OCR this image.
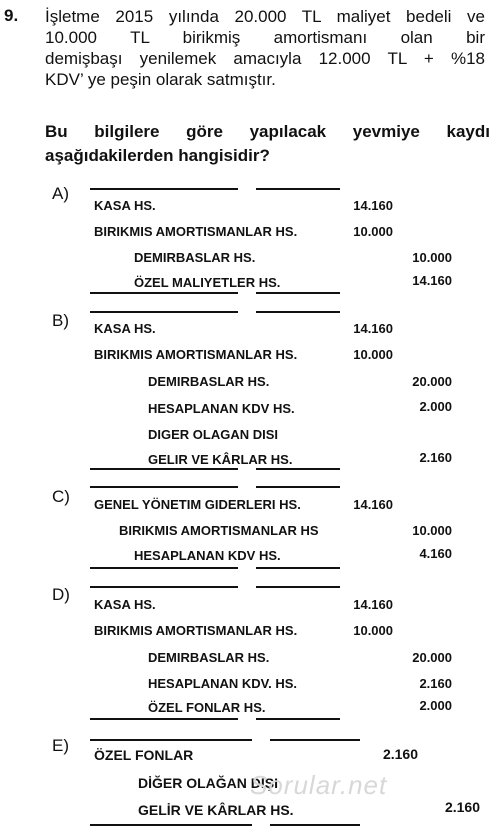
9. İşletme 2015 yılında 20.000 TL maliyet bedeli ve
10.000 TL birikmiş amortismanı olan bir
demişbaşı yenilemek amacıyla 12.000 TL + %18
KDV’ ye peşin olarak satmıştır.

Bu bilgilere göre yapılacak yevmiye kaydı
aşağıdakilerden hangisidir?

A)
KASA HS.
BIRIKMIS AMORTISMANLAR HS.
DEMIRBASLAR HS.
ÖZEL MALIYETLER HS.
14.160
10.000
10.000
14.160
B) KASA HS.
BIRIKMIS AMORTISMANLAR HS.
DEMIRBASLAR HS.
HESAPLANAN KDV HS.
DIGER OLAGAN DISI
GELIR VE KÂRLAR HS.
14.160
10.000
20.000
2.000
2.160
C) GENEL YÖNETIM GIDERLERI HS.
BIRIKMIS AMORTISMANLAR HS
HESAPLANAN KDV HS.
14.160
10.000
4.160
D)
KASA HS.
BIRIKMIS AMORTISMANLAR HS.
DEMIRBASLAR HS.
HESAPLANAN KDV. HS.
ÖZEL FONLAR HS.
14.160
10.000
20.000
2.160
2.000
E) ÖZEL FONLAR
DİĞER OLAĞAN DIŞI
GELİR VE KÂRLAR HS.
2.160
2.160
Sorular.net
